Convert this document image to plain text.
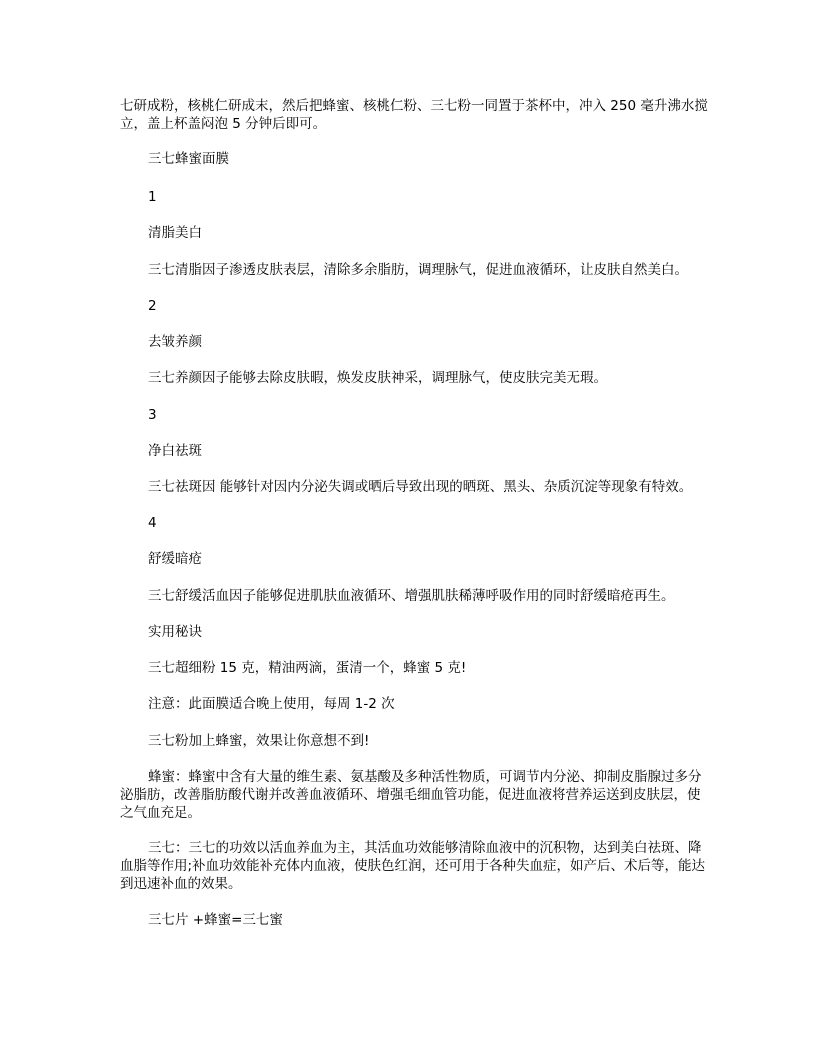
七研成粉，核桃仁研成末，然后把蜂蜜、核桃仁粉、三七粉一同置于茶杯中，冲入 250 毫升沸水搅立，盖上杯盖闷泡 5 分钟后即可。

三七蜂蜜面膜

1

清脂美白

三七清脂因子渗透皮肤表层，清除多余脂肪，调理脉气，促进血液循环，让皮肤自然美白。

2

去皱养颜

三七养颜因子能够去除皮肤暇，焕发皮肤神采，调理脉气，使皮肤完美无瑕。

3

净白祛斑

三七祛斑因 能够针对因内分泌失调或晒后导致出现的晒斑、黑头、杂质沉淀等现象有特效。

4

舒缓暗疮

三七舒缓活血因子能够促进肌肤血液循环、增强肌肤稀薄呼吸作用的同时舒缓暗疮再生。

实用秘诀

三七超细粉 15 克，精油两滴，蛋清一个，蜂蜜 5 克!

注意：此面膜适合晚上使用，每周 1-2 次

三七粉加上蜂蜜，效果让你意想不到!

蜂蜜：蜂蜜中含有大量的维生素、氨基酸及多种活性物质，可调节内分泌、抑制皮脂腺过多分泌脂肪，改善脂肪酸代谢并改善血液循环、增强毛细血管功能，促进血液将营养运送到皮肤层，使之气血充足。

三七：三七的功效以活血养血为主，其活血功效能够清除血液中的沉积物，达到美白祛斑、降血脂等作用;补血功效能补充体内血液，使肤色红润，还可用于各种失血症，如产后、术后等，能达到迅速补血的效果。

三七片 +蜂蜜=三七蜜
